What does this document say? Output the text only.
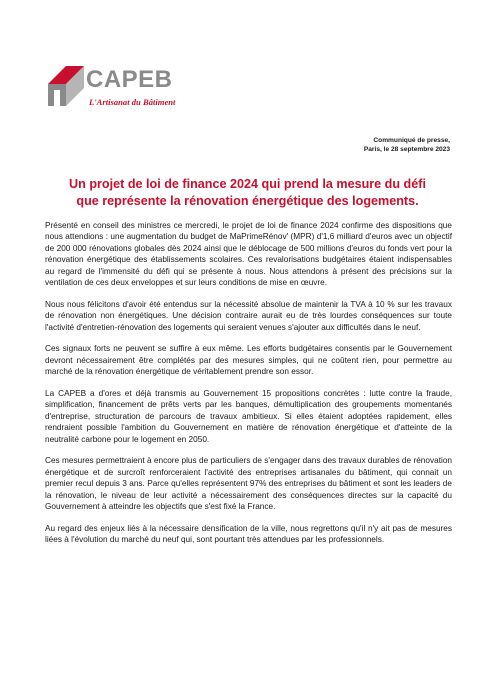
CAPEB
L'Artisanat du Bâtiment
Communiqué de presse,
Paris, le 28 septembre 2023
Un projet de loi de finance 2024 qui prend la mesure du défi
que représente la rénovation énergétique des logements.

Présenté en conseil des ministres ce mercredi, le projet de loi de finance 2024 confirme des dispositions que nous attendions : une augmentation du budget de MaPrimeRénov' (MPR) d'1,6 milliard d'euros avec un objectif de 200 000 rénovations globales dès 2024 ainsi que le déblocage de 500 millions d'euros du fonds vert pour la rénovation énergétique des établissements scolaires. Ces revalorisations budgétaires étaient indispensables au regard de l'immensité du défi qui se présente à nous. Nous attendons à présent des précisions sur la ventilation de ces deux enveloppes et sur leurs conditions de mise en œuvre.

Nous nous félicitons d'avoir été entendus sur la nécessité absolue de maintenir la TVA à 10 % sur les travaux de rénovation non énergétiques. Une décision contraire aurait eu de très lourdes conséquences sur toute l'activité d'entretien-rénovation des logements qui seraient venues s'ajouter aux difficultés dans le neuf.

Ces signaux forts ne peuvent se suffire à eux même. Les efforts budgétaires consentis par le Gouvernement devront nécessairement être complétés par des mesures simples, qui ne coûtent rien, pour permettre au marché de la rénovation énergétique de véritablement prendre son essor.

La CAPEB a d'ores et déjà transmis au Gouvernement 15 propositions concrètes : lutte contre la fraude, simplification, financement de prêts verts par les banques, démultiplication des groupements momentanés d'entreprise, structuration de parcours de travaux ambitieux. Si elles étaient adoptées rapidement, elles rendraient possible l'ambition du Gouvernement en matière de rénovation énergétique et d'atteinte de la neutralité carbone pour le logement en 2050.

Ces mesures permettraient à encore plus de particuliers de s'engager dans des travaux durables de rénovation énergétique et de surcroît renforceraient l'activité des entreprises artisanales du bâtiment, qui connait un premier recul depuis 3 ans. Parce qu'elles représentent 97% des entreprises du bâtiment et sont les leaders de la rénovation, le niveau de leur activité a nécessairement des conséquences directes sur la capacité du Gouvernement à atteindre les objectifs que s'est fixé la France.

Au regard des enjeux liés à la nécessaire densification de la ville, nous regrettons qu'il n'y ait pas de mesures liées à l'évolution du marché du neuf qui, sont pourtant très attendues par les professionnels.
